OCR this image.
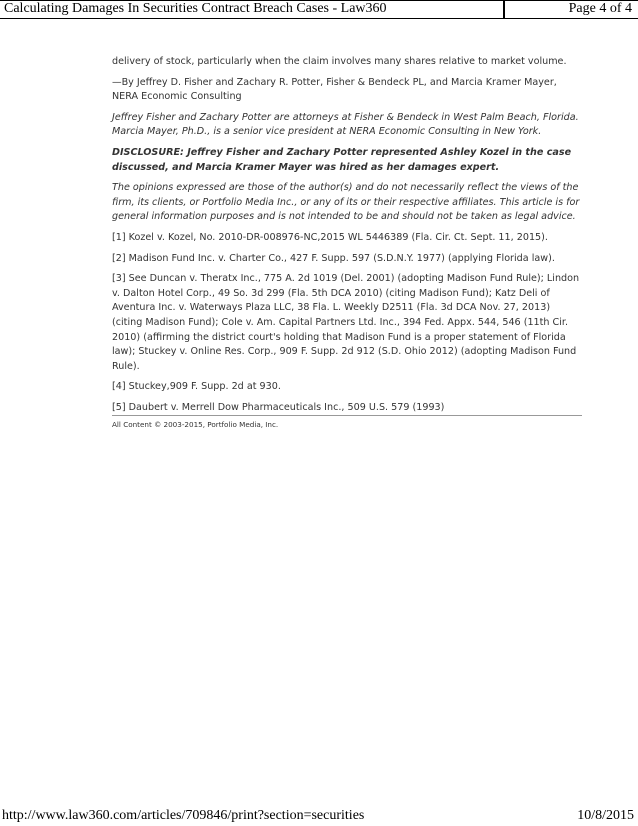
Calculating Damages In Securities Contract Breach Cases - Law360	Page 4 of 4

delivery of stock, particularly when the claim involves many shares relative to market volume.

—By Jeffrey D. Fisher and Zachary R. Potter, Fisher & Bendeck PL, and Marcia Kramer Mayer, NERA Economic Consulting

Jeffrey Fisher and Zachary Potter are attorneys at Fisher & Bendeck in West Palm Beach, Florida. Marcia Mayer, Ph.D., is a senior vice president at NERA Economic Consulting in New York.

DISCLOSURE: Jeffrey Fisher and Zachary Potter represented Ashley Kozel in the case discussed, and Marcia Kramer Mayer was hired as her damages expert.

The opinions expressed are those of the author(s) and do not necessarily reflect the views of the firm, its clients, or Portfolio Media Inc., or any of its or their respective affiliates. This article is for general information purposes and is not intended to be and should not be taken as legal advice.

[1] Kozel v. Kozel, No. 2010-DR-008976-NC,2015 WL 5446389 (Fla. Cir. Ct. Sept. 11, 2015).

[2] Madison Fund Inc. v. Charter Co., 427 F. Supp. 597 (S.D.N.Y. 1977) (applying Florida law).

[3] See Duncan v. Theratx Inc., 775 A. 2d 1019 (Del. 2001) (adopting Madison Fund Rule); Lindon v. Dalton Hotel Corp., 49 So. 3d 299 (Fla. 5th DCA 2010) (citing Madison Fund); Katz Deli of Aventura Inc. v. Waterways Plaza LLC, 38 Fla. L. Weekly D2511 (Fla. 3d DCA Nov. 27, 2013) (citing Madison Fund); Cole v. Am. Capital Partners Ltd. Inc., 394 Fed. Appx. 544, 546 (11th Cir. 2010) (affirming the district court's holding that Madison Fund is a proper statement of Florida law); Stuckey v. Online Res. Corp., 909 F. Supp. 2d 912 (S.D. Ohio 2012) (adopting Madison Fund Rule).

[4] Stuckey,909 F. Supp. 2d at 930.

[5] Daubert v. Merrell Dow Pharmaceuticals Inc., 509 U.S. 579 (1993)

All Content © 2003-2015, Portfolio Media, Inc.
http://www.law360.com/articles/709846/print?section=securities	10/8/2015
